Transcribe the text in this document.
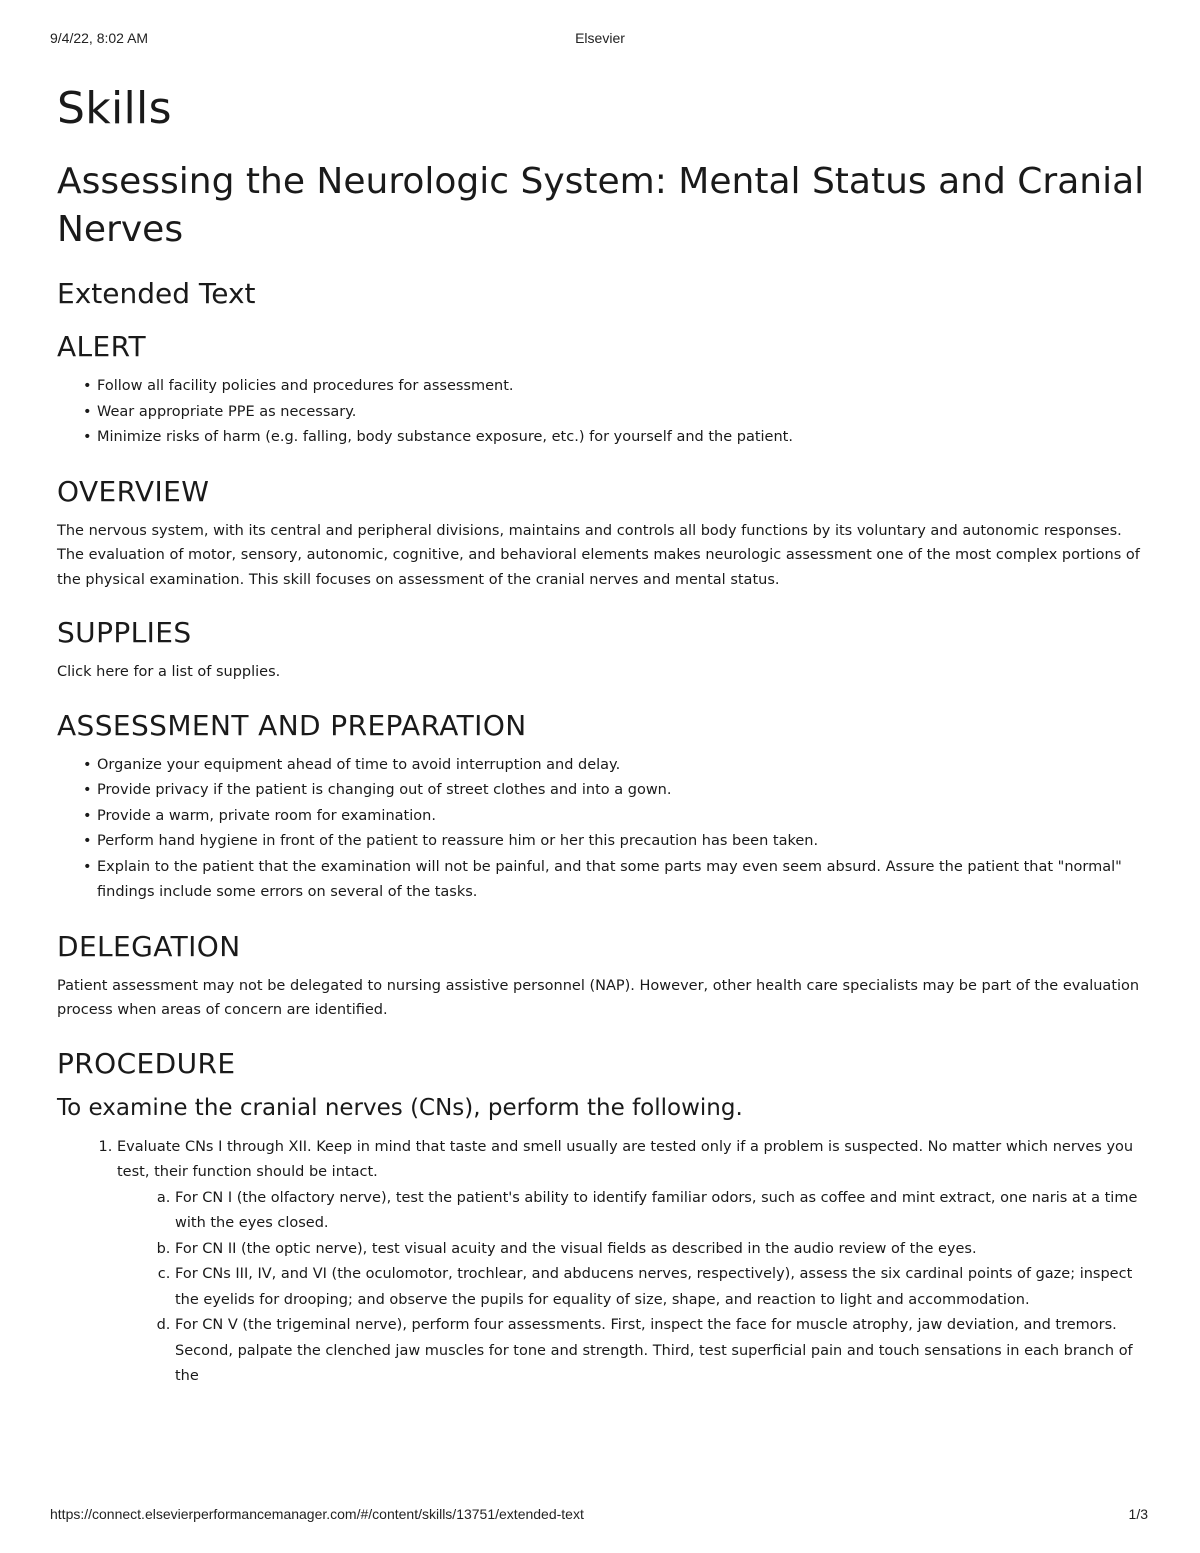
9/4/22, 8:02 AM	Elsevier
Skills
Assessing the Neurologic System: Mental Status and Cranial Nerves
Extended Text
ALERT
• Follow all facility policies and procedures for assessment.
• Wear appropriate PPE as necessary.
• Minimize risks of harm (e.g. falling, body substance exposure, etc.) for yourself and the patient.
OVERVIEW

The nervous system, with its central and peripheral divisions, maintains and controls all body functions by its voluntary and autonomic responses. The evaluation of motor, sensory, autonomic, cognitive, and behavioral elements makes neurologic assessment one of the most complex portions of the physical examination. This skill focuses on assessment of the cranial nerves and mental status.

SUPPLIES

Click here for a list of supplies.

ASSESSMENT AND PREPARATION
• Organize your equipment ahead of time to avoid interruption and delay.
• Provide privacy if the patient is changing out of street clothes and into a gown.
• Provide a warm, private room for examination.
• Perform hand hygiene in front of the patient to reassure him or her this precaution has been taken.
• Explain to the patient that the examination will not be painful, and that some parts may even seem absurd. Assure the patient that "normal" findings include some errors on several of the tasks.
DELEGATION

Patient assessment may not be delegated to nursing assistive personnel (NAP). However, other health care specialists may be part of the evaluation process when areas of concern are identified.

PROCEDURE
To examine the cranial nerves (CNs), perform the following.
1. Evaluate CNs I through XII. Keep in mind that taste and smell usually are tested only if a problem is suspected. No matter which nerves you test, their function should be intact.
a. For CN I (the olfactory nerve), test the patient's ability to identify familiar odors, such as coffee and mint extract, one naris at a time with the eyes closed.
b. For CN II (the optic nerve), test visual acuity and the visual fields as described in the audio review of the eyes.
c. For CNs III, IV, and VI (the oculomotor, trochlear, and abducens nerves, respectively), assess the six cardinal points of gaze; inspect the eyelids for drooping; and observe the pupils for equality of size, shape, and reaction to light and accommodation.
d. For CN V (the trigeminal nerve), perform four assessments. First, inspect the face for muscle atrophy, jaw deviation, and tremors. Second, palpate the clenched jaw muscles for tone and strength. Third, test superficial pain and touch sensations in each branch of the
https://connect.elsevierperformancemanager.com/#/content/skills/13751/extended-text	1/3
